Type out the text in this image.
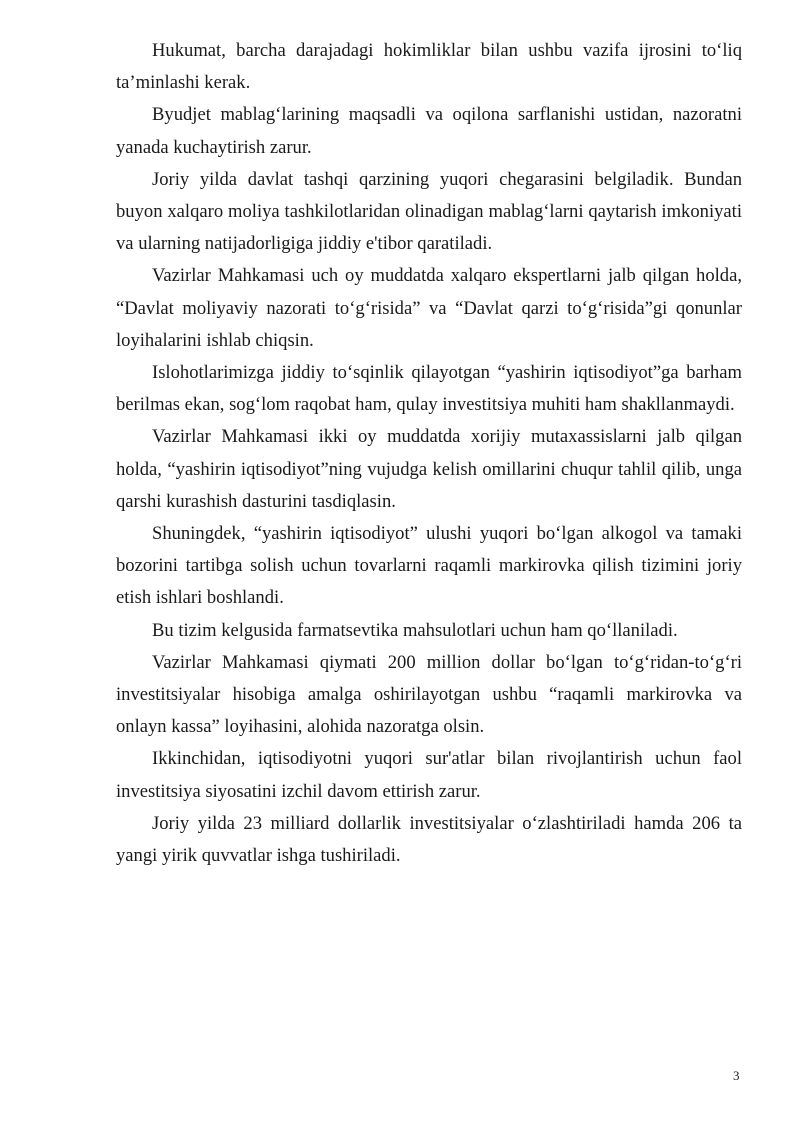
Hukumat, barcha darajadagi hokimliklar bilan ushbu vazifa ijrosini to‘liq ta’minlashi kerak.

Byudjet mablag‘larining maqsadli va oqilona sarflanishi ustidan, nazoratni yanada kuchaytirish zarur.

Joriy yilda davlat tashqi qarzining yuqori chegarasini belgiladik. Bundan buyon xalqaro moliya tashkilotlaridan olinadigan mablag‘larni qaytarish imkoniyati va ularning natijadorligiga jiddiy e'tibor qaratiladi.

Vazirlar Mahkamasi uch oy muddatda xalqaro ekspertlarni jalb qilgan holda, “Davlat moliyaviy nazorati to‘g‘risida” va “Davlat qarzi to‘g‘risida”gi qonunlar loyihalarini ishlab chiqsin.

Islohotlarimizga jiddiy to‘sqinlik qilayotgan “yashirin iqtisodiyot”ga barham berilmas ekan, sog‘lom raqobat ham, qulay investitsiya muhiti ham shakllanmaydi.

Vazirlar Mahkamasi ikki oy muddatda xorijiy mutaxassislarni jalb qilgan holda, “yashirin iqtisodiyot”ning vujudga kelish omillarini chuqur tahlil qilib, unga qarshi kurashish dasturini tasdiqlasin.

Shuningdek, “yashirin iqtisodiyot” ulushi yuqori bo‘lgan alkogol va tamaki bozorini tartibga solish uchun tovarlarni raqamli markirovka qilish tizimini joriy etish ishlari boshlandi.

Bu tizim kelgusida farmatsevtika mahsulotlari uchun ham qo‘llaniladi.

Vazirlar Mahkamasi qiymati 200 million dollar bo‘lgan to‘g‘ridan-to‘g‘ri investitsiyalar hisobiga amalga oshirilayotgan ushbu “raqamli markirovka va onlayn kassa” loyihasini, alohida nazoratga olsin.

Ikkinchidan, iqtisodiyotni yuqori sur'atlar bilan rivojlantirish uchun faol investitsiya siyosatini izchil davom ettirish zarur.

Joriy yilda 23 milliard dollarlik investitsiyalar o‘zlashtiriladi hamda 206 ta yangi yirik quvvatlar ishga tushiriladi.

3
